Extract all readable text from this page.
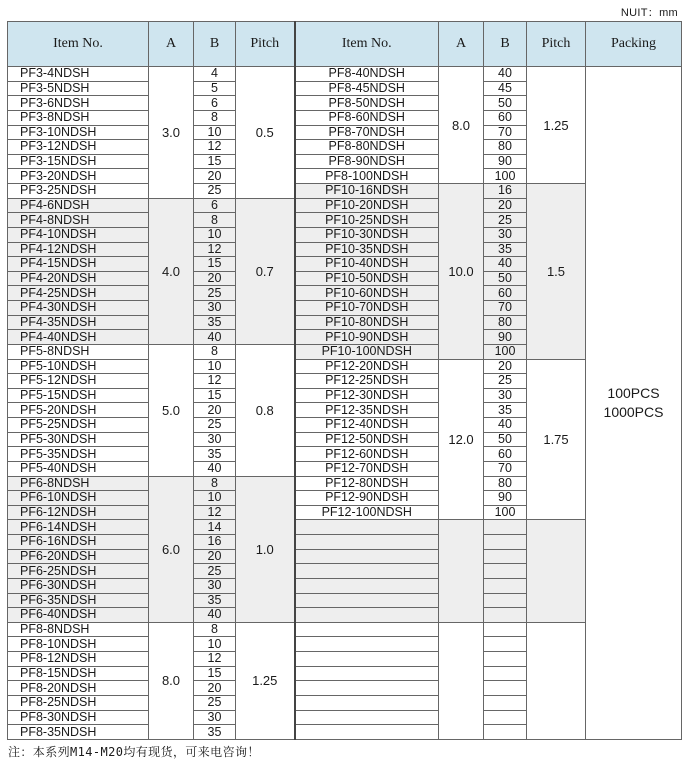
NUIT：mm
Item No.	A	B	Pitch	Item No.	A	B	Pitch	Packing
PF3-4NDSH	3.0	4	0.5	PF8-40NDSH	8.0	40	1.25	100PCS
1000PCS

PF3-5NDSH		5		PF8-45NDSH		45		
PF3-6NDSH		6		PF8-50NDSH		50		
PF3-8NDSH		8		PF8-60NDSH		60		
PF3-10NDSH		10		PF8-70NDSH		70		
PF3-12NDSH		12		PF8-80NDSH		80		
PF3-15NDSH		15		PF8-90NDSH		90		
PF3-20NDSH		20		PF8-100NDSH		100		
PF3-25NDSH		25		PF10-16NDSH	10.0	16	1.5	
PF4-6NDSH	4.0	6	0.7	PF10-20NDSH		20		
PF4-8NDSH		8		PF10-25NDSH		25		
PF4-10NDSH		10		PF10-30NDSH		30		
PF4-12NDSH		12		PF10-35NDSH		35		
PF4-15NDSH		15		PF10-40NDSH		40		
PF4-20NDSH		20		PF10-50NDSH		50		
PF4-25NDSH		25		PF10-60NDSH		60		
PF4-30NDSH		30		PF10-70NDSH		70		
PF4-35NDSH		35		PF10-80NDSH		80		
PF4-40NDSH		40		PF10-90NDSH		90		
PF5-8NDSH	5.0	8	0.8	PF10-100NDSH		100		
PF5-10NDSH		10		PF12-20NDSH	12.0	20	1.75	
PF5-12NDSH		12		PF12-25NDSH		25		
PF5-15NDSH		15		PF12-30NDSH		30		
PF5-20NDSH		20		PF12-35NDSH		35		
PF5-25NDSH		25		PF12-40NDSH		40		
PF5-30NDSH		30		PF12-50NDSH		50		
PF5-35NDSH		35		PF12-60NDSH		60		
PF5-40NDSH		40		PF12-70NDSH		70		
PF6-8NDSH	6.0	8	1.0	PF12-80NDSH		80		
PF6-10NDSH		10		PF12-90NDSH		90		
PF6-12NDSH		12		PF12-100NDSH		100		
PF6-14NDSH		14						
PF6-16NDSH		16						
PF6-20NDSH		20						
PF6-25NDSH		25						
PF6-30NDSH		30						
PF6-35NDSH		35						
PF6-40NDSH		40						
PF8-8NDSH	8.0	8	1.25					
PF8-10NDSH		10						
PF8-12NDSH		12						
PF8-15NDSH		15						
PF8-20NDSH		20						
PF8-25NDSH		25						
PF8-30NDSH		30						
PF8-35NDSH		35						
注：本系列M14-M20均有现货，可来电咨询！
